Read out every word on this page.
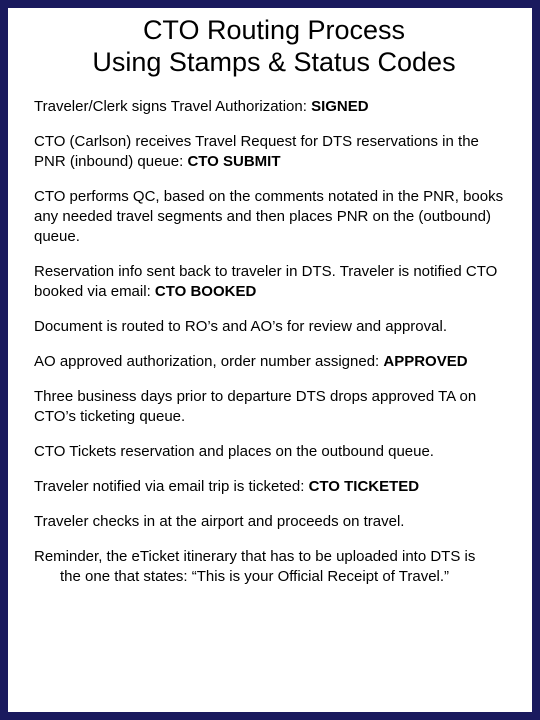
CTO Routing Process
Using Stamps & Status Codes
Traveler/Clerk signs Travel Authorization: SIGNED
CTO (Carlson) receives Travel Request for DTS reservations in the PNR (inbound) queue: CTO SUBMIT
CTO performs QC, based on the comments notated in the PNR, books any needed travel segments and then places PNR on the (outbound) queue.
Reservation info sent back to traveler in DTS. Traveler is notified CTO booked via email: CTO BOOKED
Document is routed to RO’s and AO’s for review and approval.
AO approved authorization, order number assigned: APPROVED
Three business days prior to departure DTS drops approved TA on CTO’s ticketing queue.
CTO Tickets reservation and places on the outbound queue.
Traveler notified via email trip is ticketed: CTO TICKETED
Traveler checks in at the airport and proceeds on travel.
Reminder, the eTicket itinerary that has to be uploaded into DTS is
the one that states: “This is your Official Receipt of Travel.”
